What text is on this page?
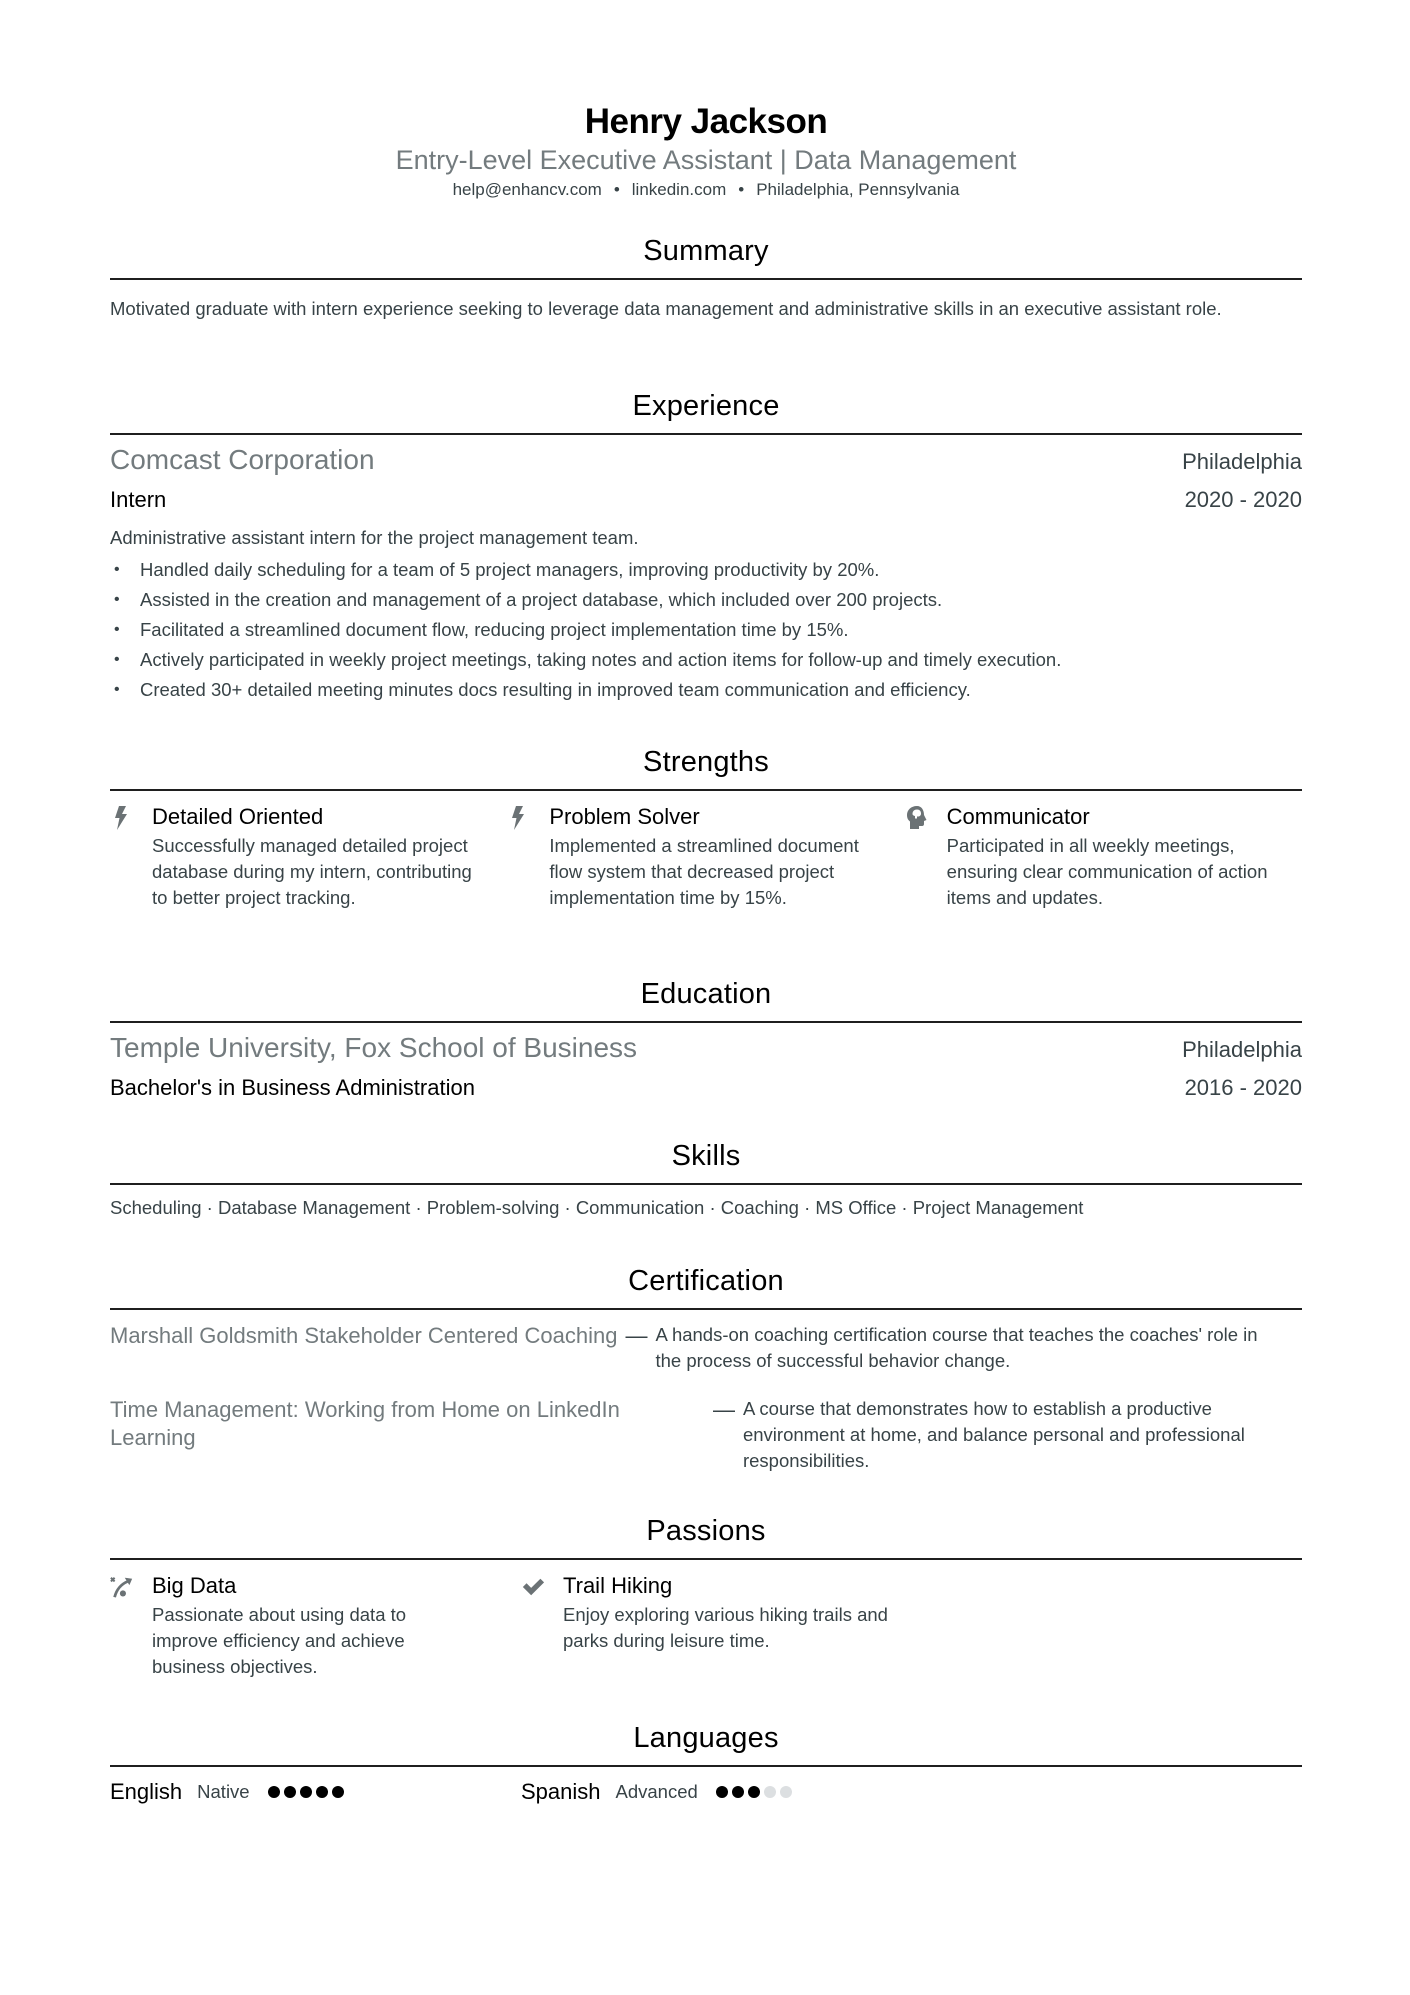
Henry Jackson
Entry-Level Executive Assistant | Data Management
help@enhancv.com • linkedin.com • Philadelphia, Pennsylvania
Summary
Motivated graduate with intern experience seeking to leverage data management and administrative skills in an executive assistant role.
Experience
Comcast Corporation	Philadelphia
Intern	2020 - 2020
Administrative assistant intern for the project management team.
• Handled daily scheduling for a team of 5 project managers, improving productivity by 20%.
• Assisted in the creation and management of a project database, which included over 200 projects.
• Facilitated a streamlined document flow, reducing project implementation time by 15%.
• Actively participated in weekly project meetings, taking notes and action items for follow-up and timely execution.
• Created 30+ detailed meeting minutes docs resulting in improved team communication and efficiency.
Strengths
Detailed Oriented
Successfully managed detailed project database during my intern, contributing to better project tracking.
Problem Solver
Implemented a streamlined document flow system that decreased project implementation time by 15%.
Communicator
Participated in all weekly meetings, ensuring clear communication of action items and updates.
Education
Temple University, Fox School of Business	Philadelphia
Bachelor's in Business Administration	2016 - 2020
Skills
Scheduling · Database Management · Problem-solving · Communication · Coaching · MS Office · Project Management
Certification
Marshall Goldsmith Stakeholder Centered Coaching — A hands-on coaching certification course that teaches the coaches' role in the process of successful behavior change.
Time Management: Working from Home on LinkedIn Learning
— A course that demonstrates how to establish a productive environment at home, and balance personal and professional responsibilities.
Passions
Big Data
Passionate about using data to improve efficiency and achieve business objectives.
Trail Hiking
Enjoy exploring various hiking trails and parks during leisure time.
Languages
English Native	Spanish Advanced
